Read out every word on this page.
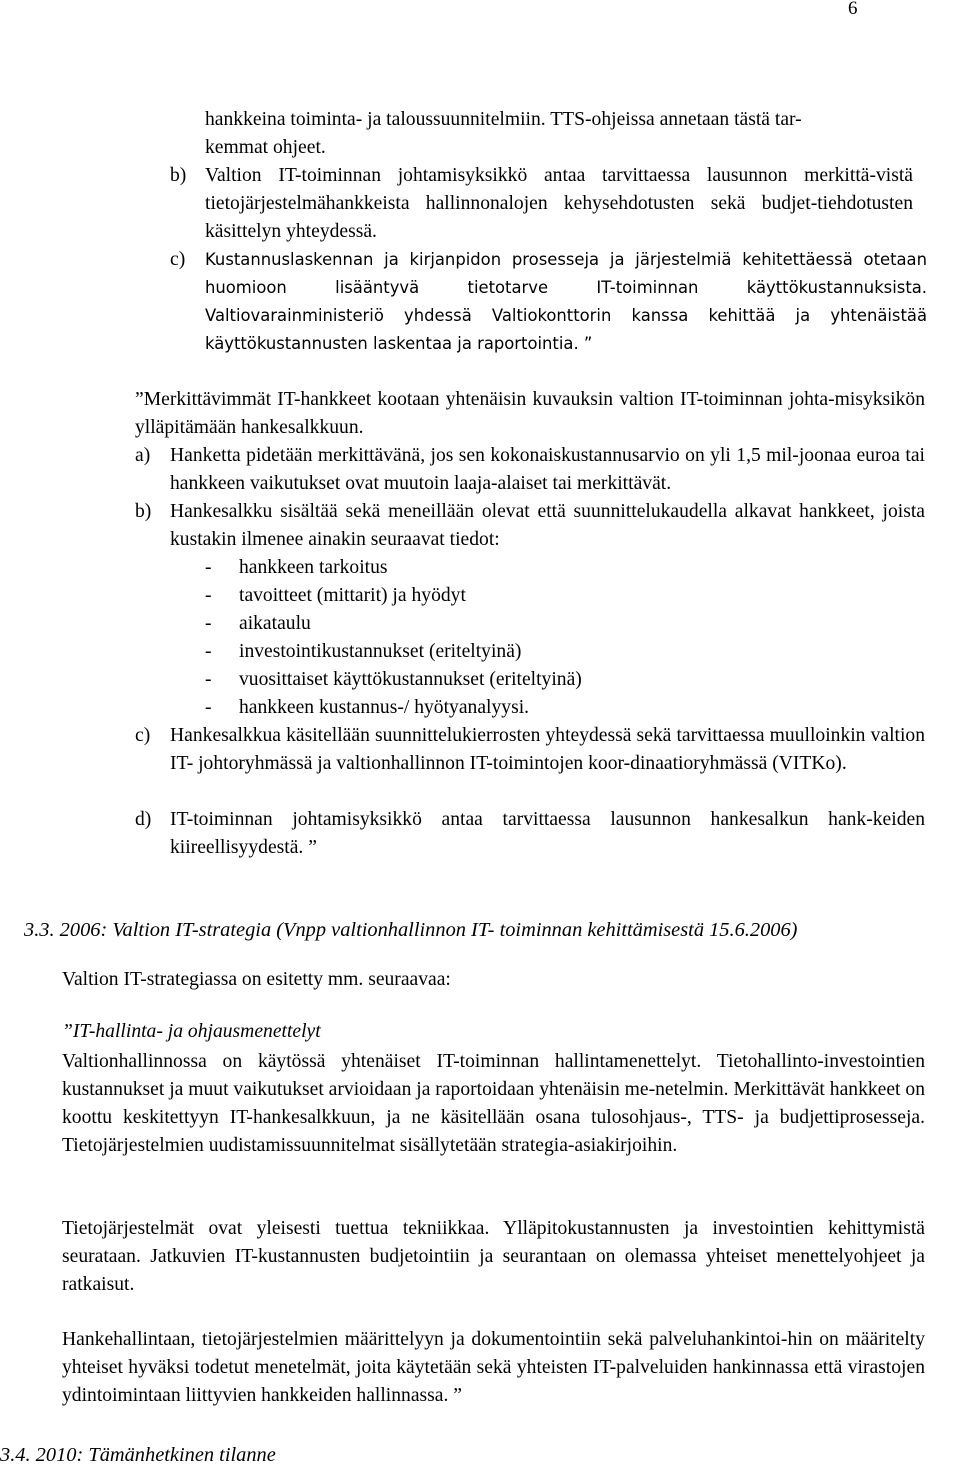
6

hankkeina toiminta- ja taloussuunnitelmiin. TTS-ohjeissa annetaan tästä tar-

kemmat ohjeet.

b) Valtion IT-toiminnan johtamisyksikkö antaa tarvittaessa lausunnon merkittä-vistä tietojärjestelmähankkeista hallinnonalojen kehysehdotusten sekä budjet-tiehdotusten käsittelyn yhteydessä.

c) Kustannuslaskennan ja kirjanpidon prosesseja ja järjestelmiä kehitettäessä otetaan huomioon lisääntyvä tietotarve IT-toiminnan käyttökustannuksista. Valtiovarainministeriö yhdessä Valtiokonttorin kanssa kehittää ja yhtenäistää käyttökustannusten laskentaa ja raportointia. ”

”Merkittävimmät IT-hankkeet kootaan yhtenäisin kuvauksin valtion IT-toiminnan johta-misyksikön ylläpitämään hankesalkkuun.

a) Hanketta pidetään merkittävänä, jos sen kokonaiskustannusarvio on yli 1,5 mil-joonaa euroa tai hankkeen vaikutukset ovat muutoin laaja-alaiset tai merkittävät.

b) Hankesalkku sisältää sekä meneillään olevat että suunnittelukaudella alkavat hankkeet, joista kustakin ilmenee ainakin seuraavat tiedot:

- hankkeen tarkoitus
- tavoitteet (mittarit) ja hyödyt
- aikataulu
- investointikustannukset (eriteltyinä)
- vuosittaiset käyttökustannukset (eriteltyinä)
- hankkeen kustannus-/ hyötyanalyysi.
c) Hankesalkkua käsitellään suunnittelukierrosten yhteydessä sekä tarvittaessa muulloinkin valtion IT- johtoryhmässä ja valtionhallinnon IT-toimintojen koor-dinaatioryhmässä (VITKo).

d) IT-toiminnan johtamisyksikkö antaa tarvittaessa lausunnon hankesalkun hank-keiden kiireellisyydestä. ”

3.3. 2006: Valtion IT-strategia (Vnpp valtionhallinnon IT- toiminnan kehittämisestä 15.6.2006)

Valtion IT-strategiassa on esitetty mm. seuraavaa:

”IT-hallinta- ja ohjausmenettelyt

Valtionhallinnossa on käytössä yhtenäiset IT-toiminnan hallintamenettelyt. Tietohallinto-investointien kustannukset ja muut vaikutukset arvioidaan ja raportoidaan yhtenäisin me-netelmin. Merkittävät hankkeet on koottu keskitettyyn IT-hankesalkkuun, ja ne käsitellään osana tulosohjaus-, TTS- ja budjettiprosesseja. Tietojärjestelmien uudistamissuunnitelmat sisällytetään strategia-asiakirjoihin.

Tietojärjestelmät ovat yleisesti tuettua tekniikkaa. Ylläpitokustannusten ja investointien kehittymistä seurataan. Jatkuvien IT-kustannusten budjetointiin ja seurantaan on olemassa yhteiset menettelyohjeet ja ratkaisut.

Hankehallintaan, tietojärjestelmien määrittelyyn ja dokumentointiin sekä palveluhankintoi-hin on määritelty yhteiset hyväksi todetut menetelmät, joita käytetään sekä yhteisten IT-palveluiden hankinnassa että virastojen ydintoimintaan liittyvien hankkeiden hallinnassa. ”

3.4. 2010: Tämänhetkinen tilanne
